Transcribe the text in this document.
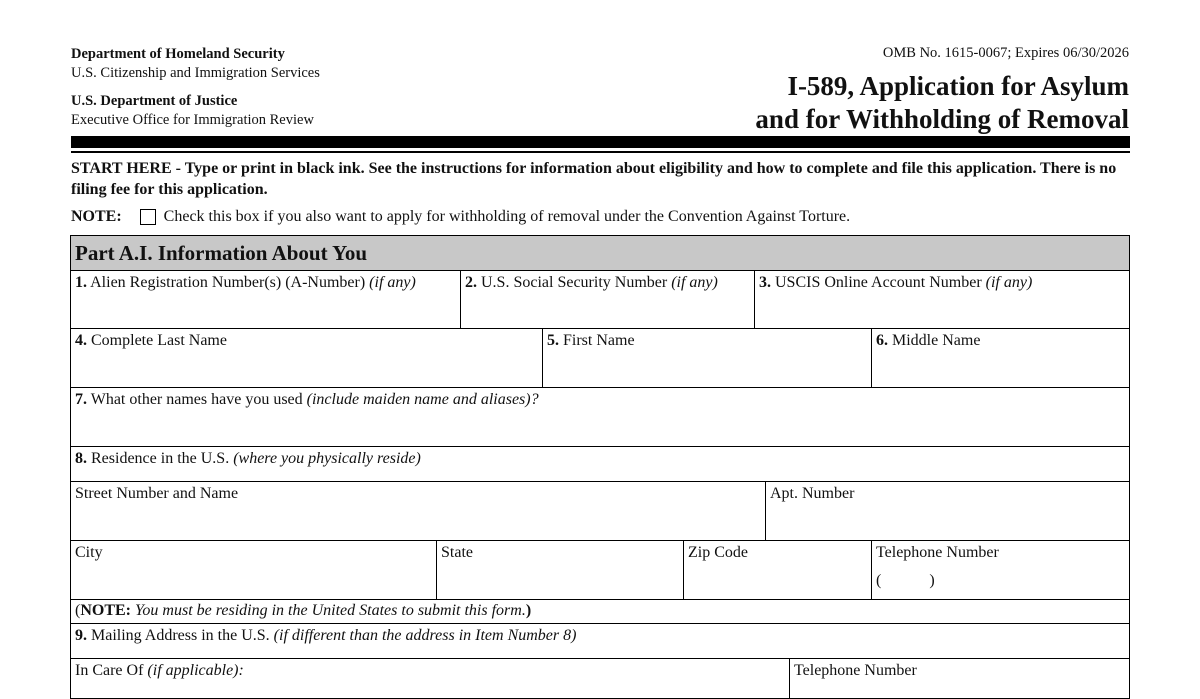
Department of Homeland Security
U.S. Citizenship and Immigration Services
U.S. Department of Justice
Executive Office for Immigration Review
OMB No. 1615-0067; Expires 06/30/2026
I-589, Application for Asylum
and for Withholding of Removal
START HERE - Type or print in black ink. See the instructions for information about eligibility and how to complete and file this application. There is no filing fee for this application.
NOTE:	Check this box if you also want to apply for withholding of removal under the Convention Against Torture.
Part A.I. Information About You
1. Alien Registration Number(s) (A-Number) (if any)	2. U.S. Social Security Number (if any)	3. USCIS Online Account Number (if any)
4. Complete Last Name	5. First Name	6. Middle Name
7. What other names have you used (include maiden name and aliases)?
8. Residence in the U.S. (where you physically reside)
Street Number and Name	Apt. Number
City	State	Zip Code	Telephone Number
(            )
(NOTE: You must be residing in the United States to submit this form.)
9. Mailing Address in the U.S. (if different than the address in Item Number 8)
In Care Of (if applicable):	Telephone Number
